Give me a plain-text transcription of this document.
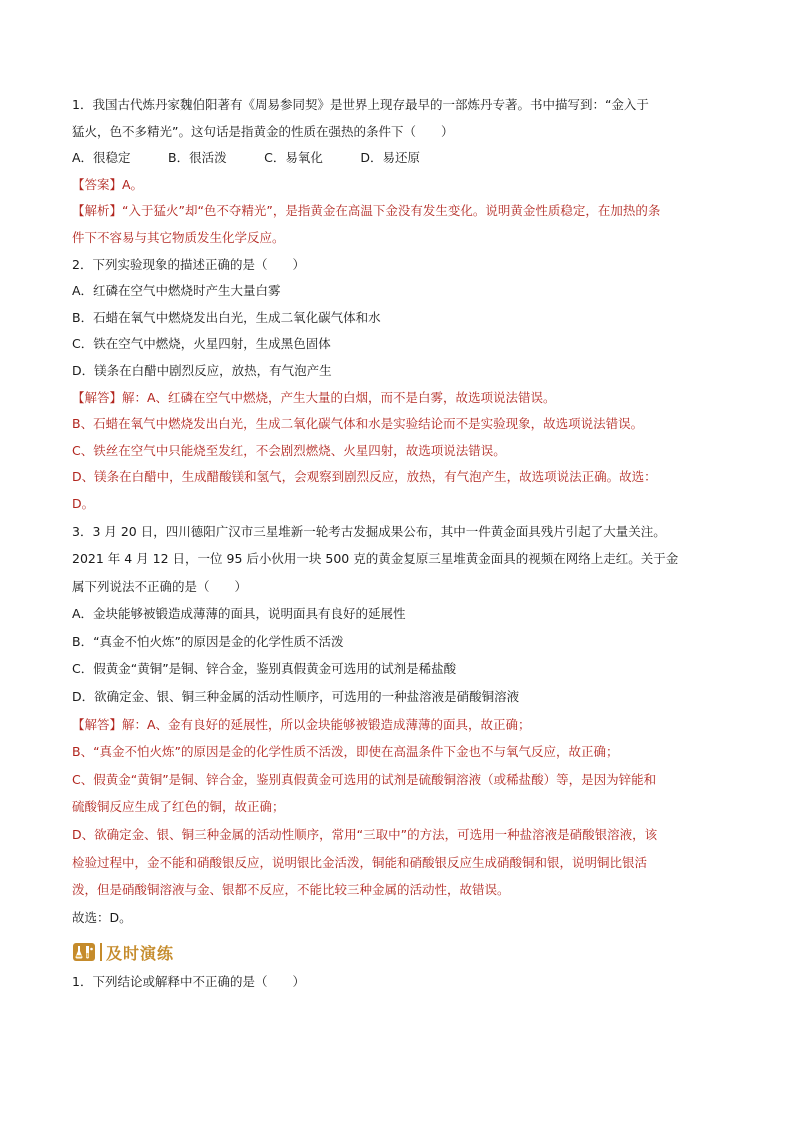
1．我国古代炼丹家魏伯阳著有《周易参同契》是世界上现存最早的一部炼丹专著。书中描写到：“金入于
猛火，色不多精光”。这句话是指黄金的性质在强热的条件下（　　）
A．很稳定　　　B．很活泼　　　C．易氧化　　　D．易还原
【答案】A。
【解析】“入于猛火”却“色不夺精光”，是指黄金在高温下金没有发生变化。说明黄金性质稳定，在加热的条
件下不容易与其它物质发生化学反应。
2．下列实验现象的描述正确的是（　　）
A．红磷在空气中燃烧时产生大量白雾
B．石蜡在氧气中燃烧发出白光，生成二氧化碳气体和水
C．铁在空气中燃烧，火星四射，生成黑色固体
D．镁条在白醋中剧烈反应，放热，有气泡产生
【解答】解：A、红磷在空气中燃烧，产生大量的白烟，而不是白雾，故选项说法错误。
B、石蜡在氧气中燃烧发出白光，生成二氧化碳气体和水是实验结论而不是实验现象，故选项说法错误。
C、铁丝在空气中只能烧至发红，不会剧烈燃烧、火星四射，故选项说法错误。
D、镁条在白醋中，生成醋酸镁和氢气，会观察到剧烈反应，放热，有气泡产生，故选项说法正确。故选：
D。
3．3 月 20 日，四川德阳广汉市三星堆新一轮考古发掘成果公布，其中一件黄金面具残片引起了大量关注。
2021 年 4 月 12 日，一位 95 后小伙用一块 500 克的黄金复原三星堆黄金面具的视频在网络上走红。关于金
属下列说法不正确的是（　　）
A．金块能够被锻造成薄薄的面具，说明面具有良好的延展性
B．“真金不怕火炼”的原因是金的化学性质不活泼
C．假黄金“黄铜”是铜、锌合金，鉴别真假黄金可选用的试剂是稀盐酸
D．欲确定金、银、铜三种金属的活动性顺序，可选用的一种盐溶液是硝酸铜溶液
【解答】解：A、金有良好的延展性，所以金块能够被锻造成薄薄的面具，故正确；
B、“真金不怕火炼”的原因是金的化学性质不活泼，即使在高温条件下金也不与氧气反应，故正确；
C、假黄金“黄铜”是铜、锌合金，鉴别真假黄金可选用的试剂是硫酸铜溶液（或稀盐酸）等，是因为锌能和
硫酸铜反应生成了红色的铜，故正确；
D、欲确定金、银、铜三种金属的活动性顺序，常用“三取中”的方法，可选用一种盐溶液是硝酸银溶液，该
检验过程中，金不能和硝酸银反应，说明银比金活泼，铜能和硝酸银反应生成硝酸铜和银，说明铜比银活
泼，但是硝酸铜溶液与金、银都不反应，不能比较三种金属的活动性，故错误。
故选：D。
及时演练
1．下列结论或解释中不正确的是（　　）
